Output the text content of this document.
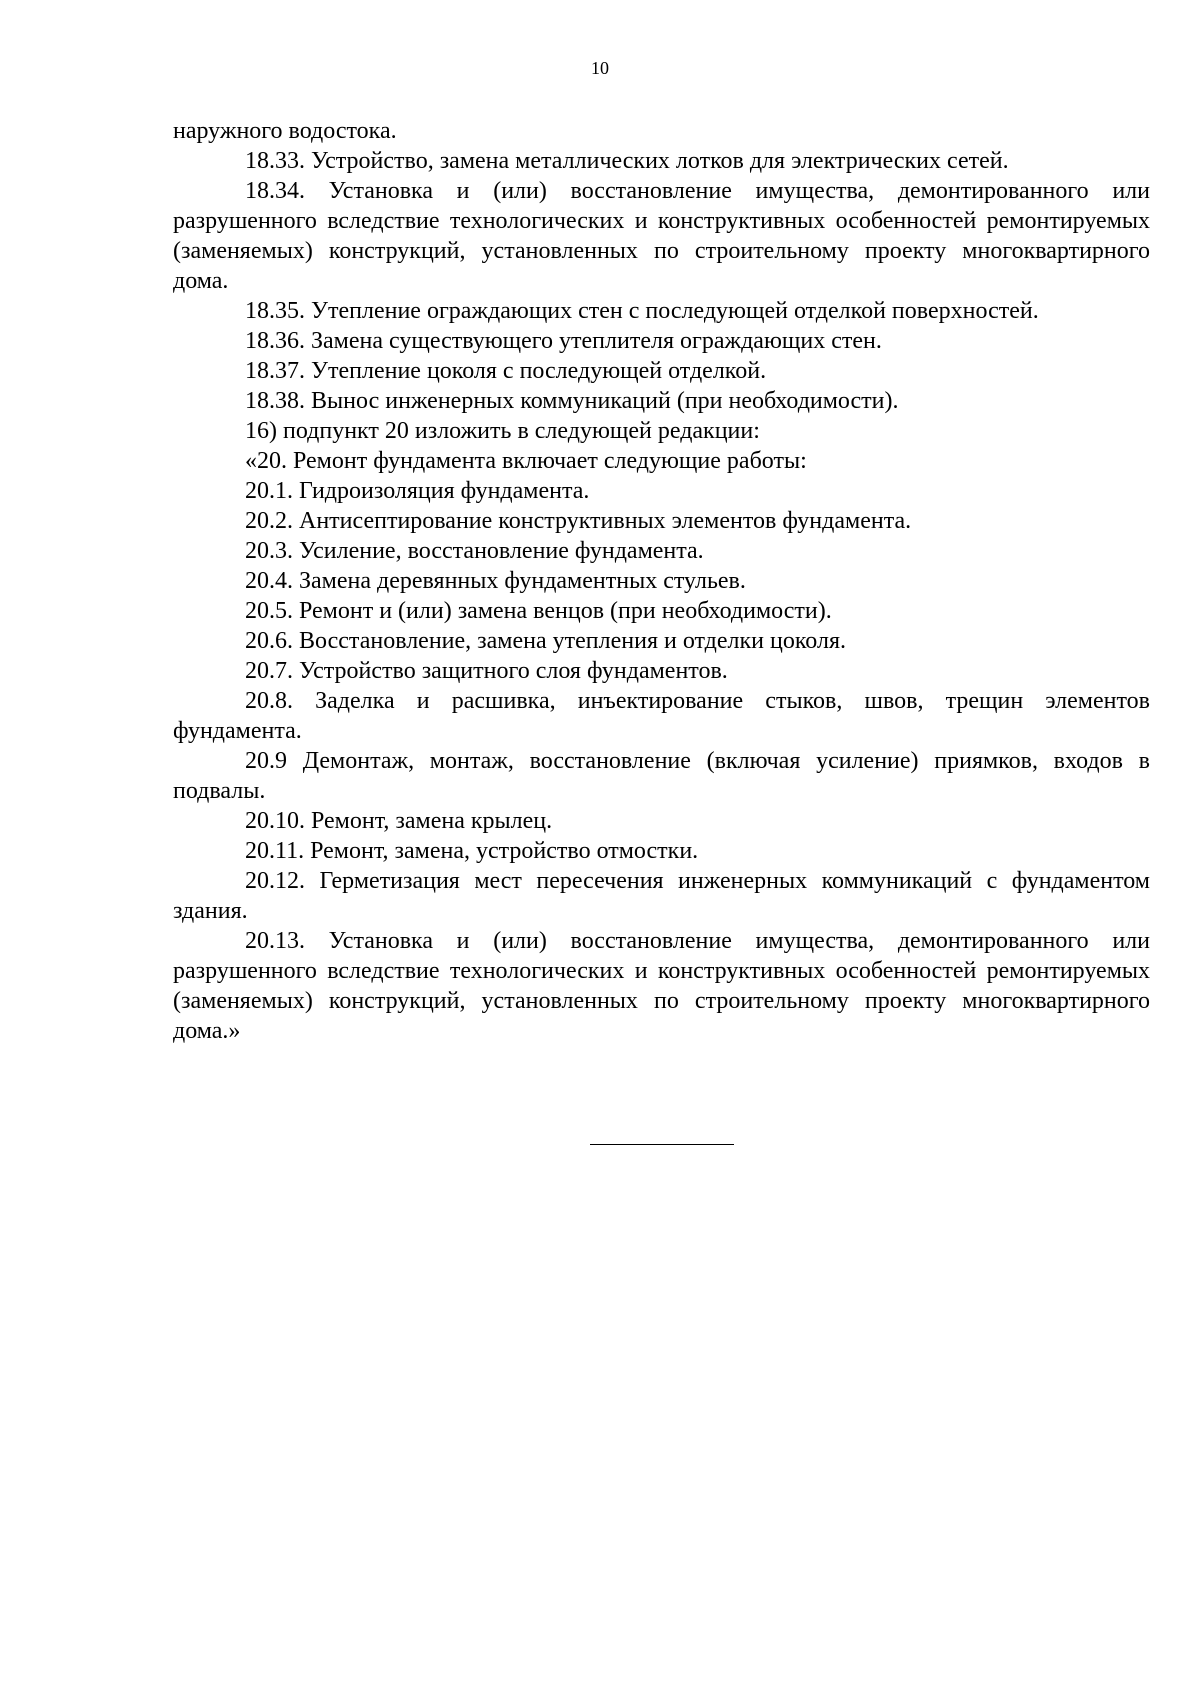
10

наружного водостока.

18.33. Устройство, замена металлических лотков для электрических сетей.

18.34. Установка и (или) восстановление имущества, демонтированного или разрушенного вследствие технологических и конструктивных особенностей ремонтируемых (заменяемых) конструкций, установленных по строительному проекту многоквартирного дома.

18.35. Утепление ограждающих стен с последующей отделкой поверхностей.

18.36. Замена существующего утеплителя ограждающих стен.

18.37. Утепление цоколя с последующей отделкой.

18.38. Вынос инженерных коммуникаций (при необходимости).

16) подпункт 20 изложить в следующей редакции:

«20. Ремонт фундамента включает следующие работы:

20.1. Гидроизоляция фундамента.

20.2. Антисептирование конструктивных элементов фундамента.

20.3. Усиление, восстановление фундамента.

20.4. Замена деревянных фундаментных стульев.

20.5. Ремонт и (или) замена венцов (при необходимости).

20.6. Восстановление, замена утепления и отделки цоколя.

20.7. Устройство защитного слоя фундаментов.

20.8. Заделка и расшивка, инъектирование стыков, швов, трещин элементов фундамента.

20.9 Демонтаж, монтаж, восстановление (включая усиление) приямков, входов в подвалы.

20.10. Ремонт, замена крылец.

20.11. Ремонт, замена, устройство отмостки.

20.12. Герметизация мест пересечения инженерных коммуникаций с фундаментом здания.

20.13. Установка и (или) восстановление имущества, демонтированного или разрушенного вследствие технологических и конструктивных особенностей ремонтируемых (заменяемых) конструкций, установленных по строительному проекту многоквартирного дома.»
